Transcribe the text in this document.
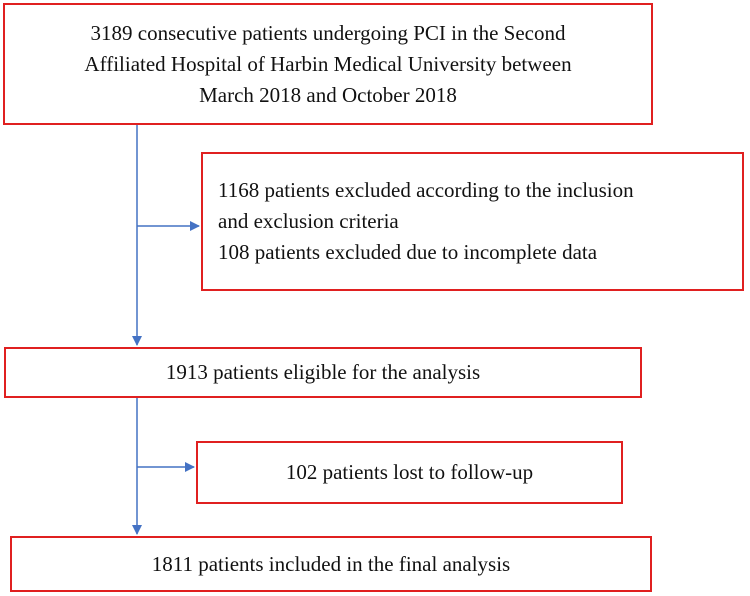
3189 consecutive patients undergoing PCI in the Second
Affiliated Hospital of Harbin Medical University between
March 2018 and October 2018
1168 patients excluded according to the inclusion
and exclusion criteria
108 patients excluded due to incomplete data
1913 patients eligible for the analysis
102 patients lost to follow-up
1811 patients included in the final analysis
